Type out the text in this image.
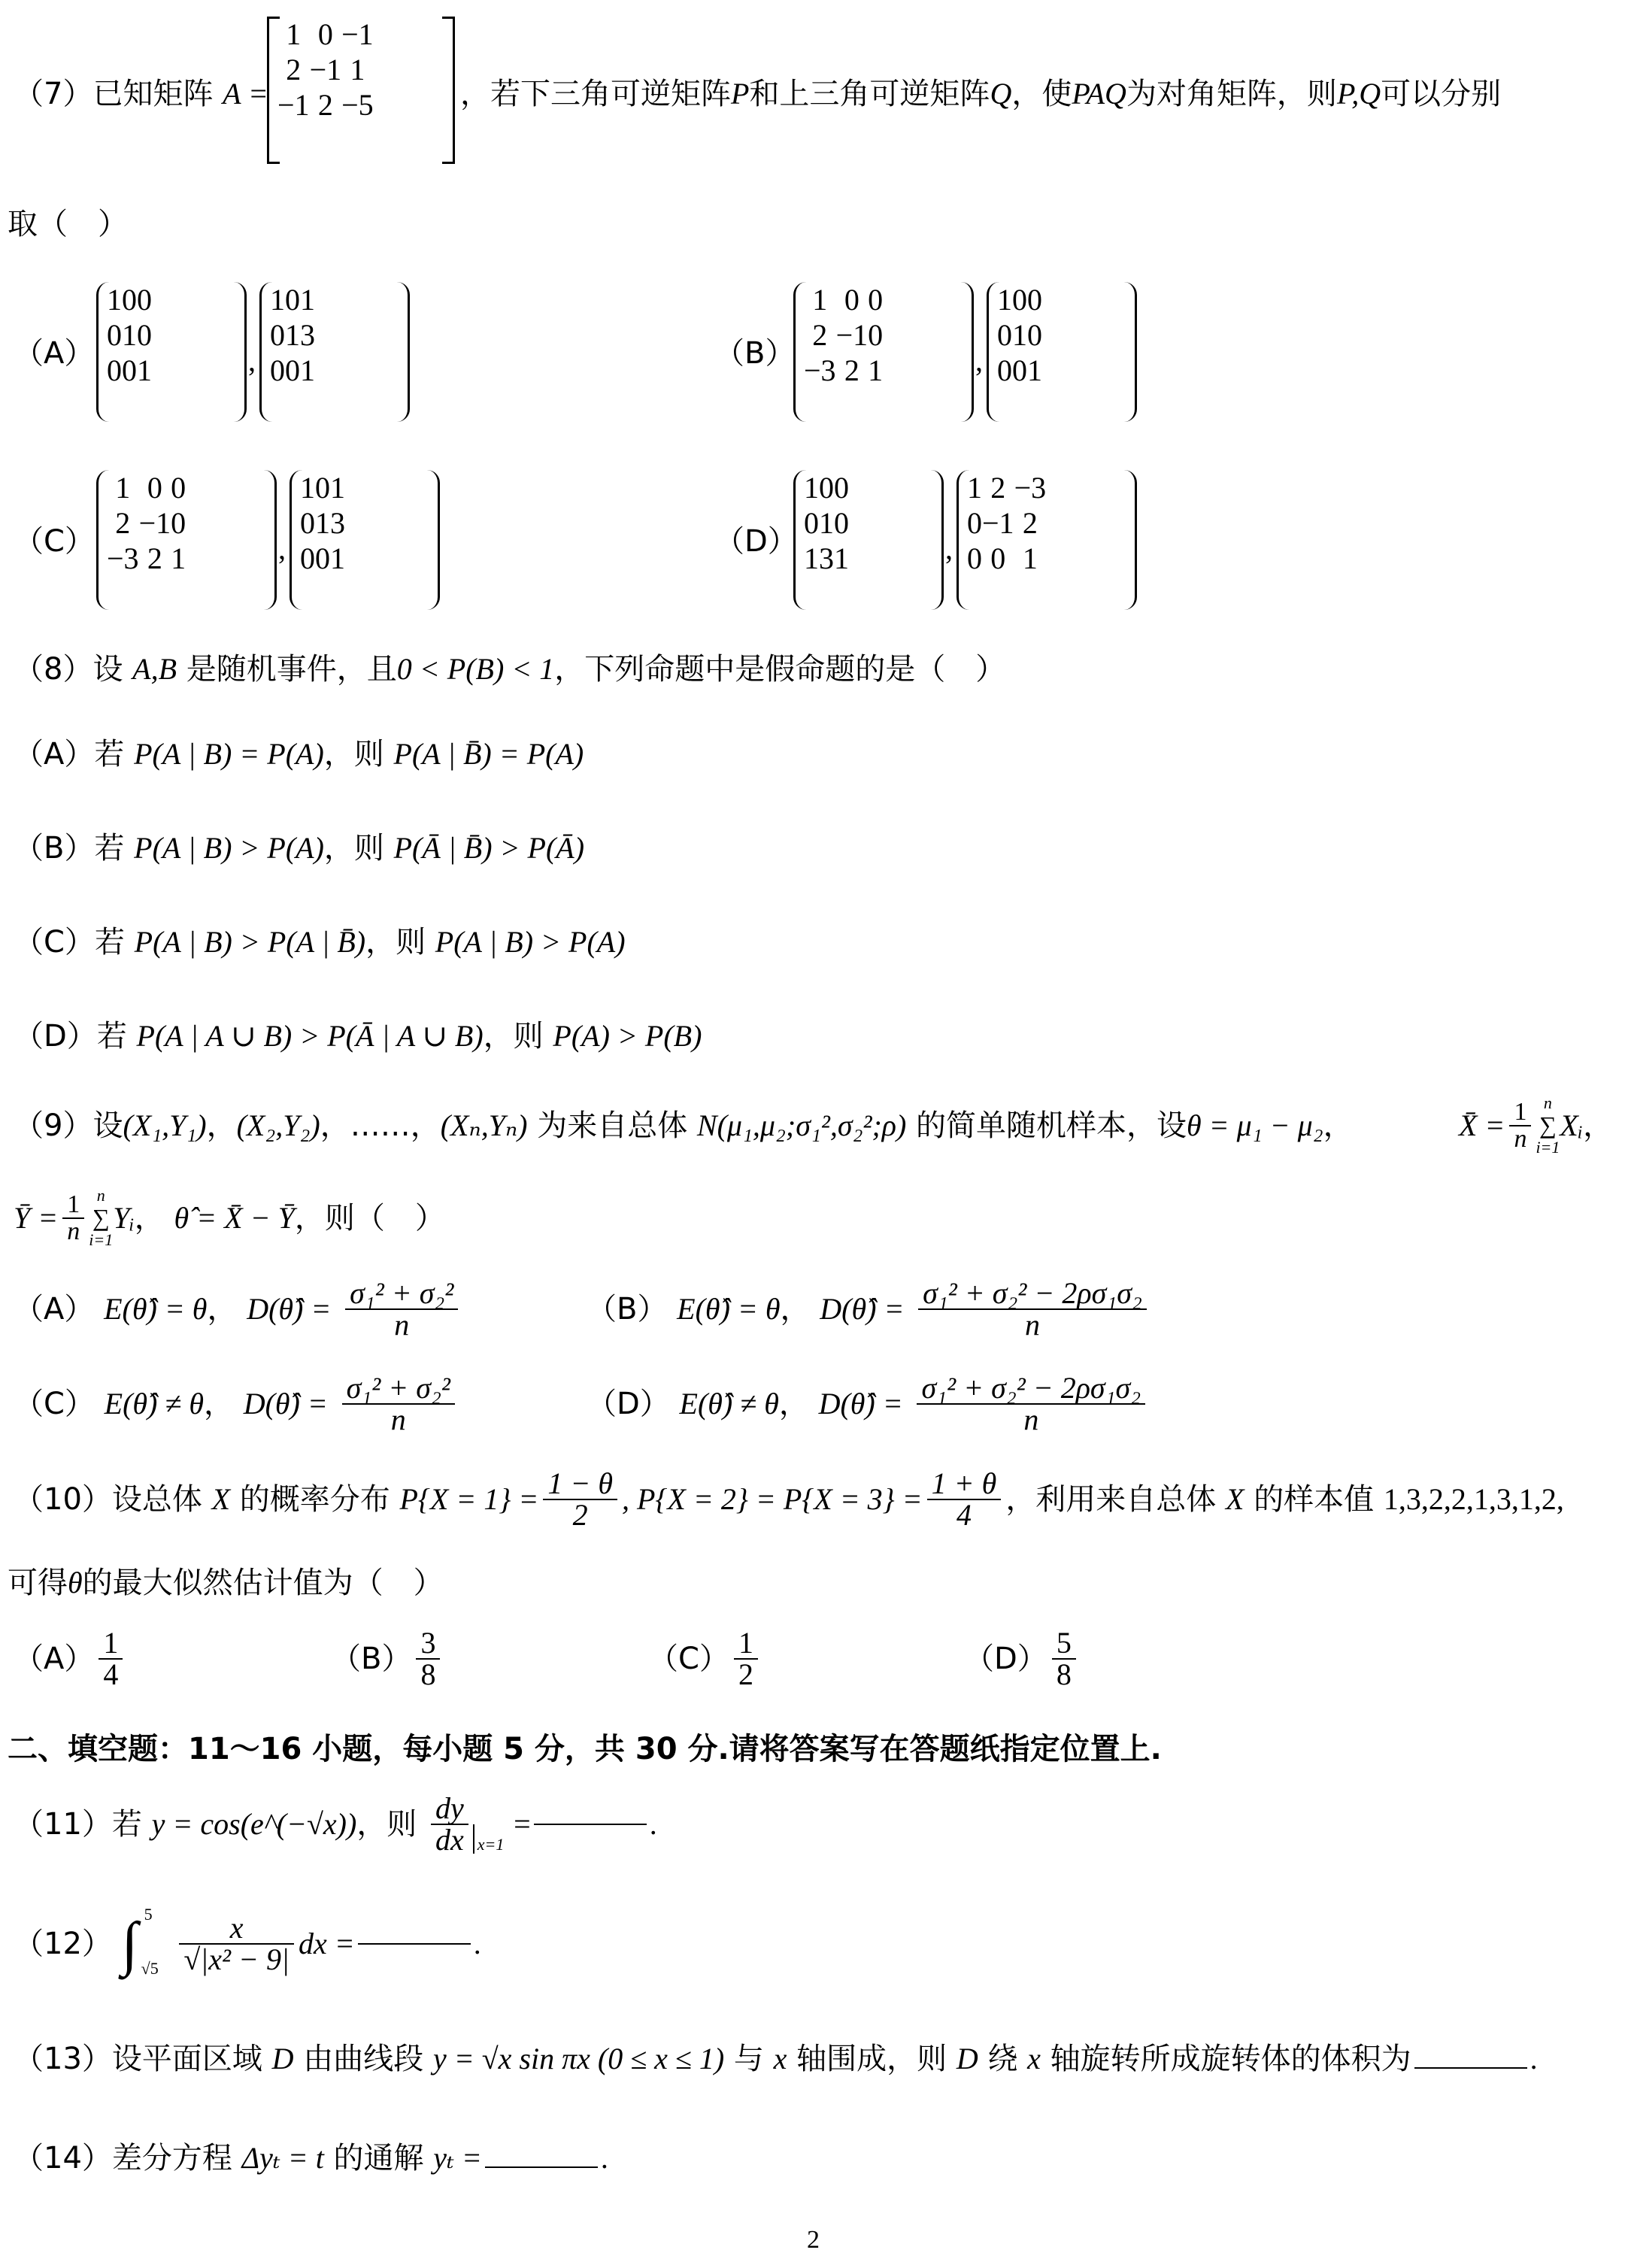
（7）已知矩阵 A =
1	0	−1
2	−1	1
−1	2	−5	，若下三角可逆矩阵P和上三角可逆矩阵Q，使PAQ为对角矩阵，则P,Q可以分别
取（　）
（A）
1	0	0
0	1	0
0	0	1	,
1	0	1
0	1	3
0	0	1	（B）
1	0	0
2	−1	0
−3	2	1	,
1	0	0
0	1	0
0	0	1
（C）
1	0	0
2	−1	0
−3	2	1	,
1	0	1
0	1	3
0	0	1	（D）
1	0	0
0	1	0
1	3	1	,
1	2	−3
0	−1	2
0	0	1
（8）设 A,B 是随机事件，且0 < P(B) < 1，下列命题中是假命题的是（　）
（A）若 P(A | B) = P(A)，则 P(A | B̄) = P(A)
（B）若 P(A | B) > P(A)，则 P(Ā | B̄) > P(Ā)
（C）若 P(A | B) > P(A | B̄)，则 P(A | B) > P(A)
（D）若 P(A | A ∪ B) > P(Ā | A ∪ B)，则 P(A) > P(B)
（9）设(X₁,Y₁)，(X₂,Y₂)，……，(Xₙ,Yₙ) 为来自总体 N(μ₁,μ₂;σ₁²,σ₂²;ρ) 的简单随机样本，设θ = μ₁ − μ₂，	X̄ = $\frac{1}{n}$ n
∑
i=1
Xᵢ，
Ȳ = $\frac{1}{n}$ n
∑
i=1
Yᵢ， θ̂ = X̄ − Ȳ，则（　）
（A） E(θ̂) = θ， D(θ̂) = $\frac{\text{σ₁² + σ₂²}}{n}$	（B） E(θ̂) = θ， D(θ̂) = $\frac{\text{σ₁² + σ₂² − 2ρσ₁σ₂}}{n}$
（C） E(θ̂) ≠ θ， D(θ̂) = $\frac{\text{σ₁² + σ₂²}}{n}$	（D） E(θ̂) ≠ θ， D(θ̂) = $\frac{\text{σ₁² + σ₂² − 2ρσ₁σ₂}}{n}$
（10）设总体 X 的概率分布 $P\{X = 1\} = \frac{1 - \theta}{2}$ , $P\{X = 2\} = P\{X = 3\} = \frac{1 + \theta}{4}$ ，利用来自总体 X 的样本值 1,3,2,2,1,3,1,2,
可得θ的最大似然估计值为（　）
$(A) \frac{1}{4}$	$(B) \frac{3}{8}$	$(C) \frac{1}{2}$	$(D) \frac{5}{8}$
二、填空题：11～16 小题，每小题 5 分，共 30 分.请将答案写在答题纸指定位置上.
（11）若 y = cos(e^(−√x))，则 $\frac{dy}{dx} _{x=1}$ =	.
（12） ∫ 5
√5
$\frac{x}{\text{√|x² − 9|}}$ dx =	.
（13）设平面区域 D 由曲线段 y = √x sin πx (0 ≤ x ≤ 1) 与 x 轴围成，则 D 绕 x 轴旋转所成旋转体的体积为	.
（14）差分方程 Δyₜ = t 的通解 yₜ =	.
2
